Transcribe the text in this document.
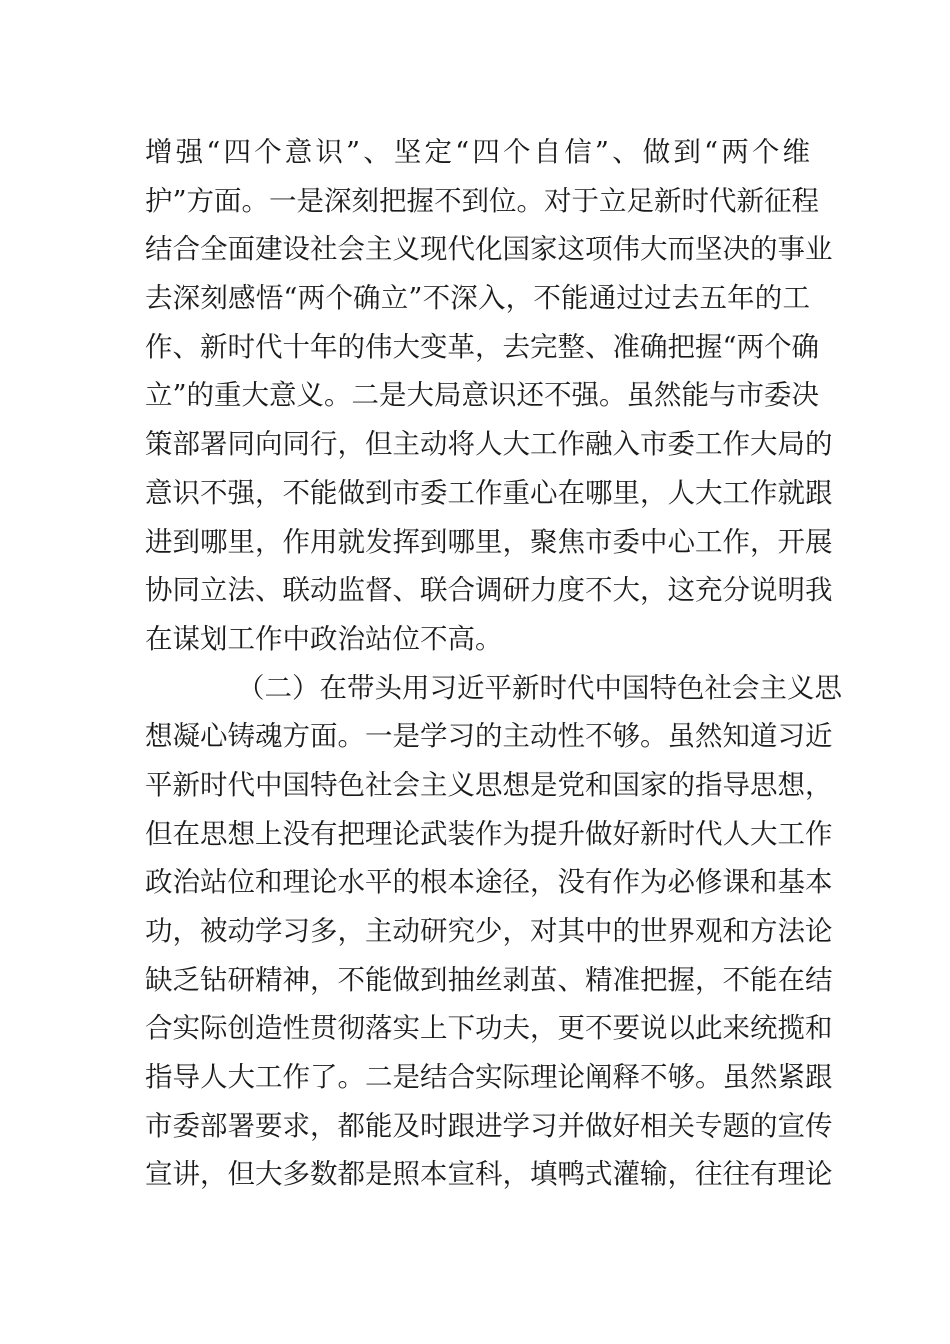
增强“四个意识”、坚定“四个自信”、做到“两个维
护”方面。一是深刻把握不到位。对于立足新时代新征程
结合全面建设社会主义现代化国家这项伟大而坚决的事业
去深刻感悟“两个确立”不深入，不能通过过去五年的工
作、新时代十年的伟大变革，去完整、准确把握“两个确
立”的重大意义。二是大局意识还不强。虽然能与市委决
策部署同向同行，但主动将人大工作融入市委工作大局的
意识不强，不能做到市委工作重心在哪里，人大工作就跟
进到哪里，作用就发挥到哪里，聚焦市委中心工作，开展
协同立法、联动监督、联合调研力度不大，这充分说明我
在谋划工作中政治站位不高。
（二）在带头用习近平新时代中国特色社会主义思
想凝心铸魂方面。一是学习的主动性不够。虽然知道习近
平新时代中国特色社会主义思想是党和国家的指导思想，
但在思想上没有把理论武装作为提升做好新时代人大工作
政治站位和理论水平的根本途径，没有作为必修课和基本
功，被动学习多，主动研究少，对其中的世界观和方法论
缺乏钻研精神，不能做到抽丝剥茧、精准把握，不能在结
合实际创造性贯彻落实上下功夫，更不要说以此来统揽和
指导人大工作了。二是结合实际理论阐释不够。虽然紧跟
市委部署要求，都能及时跟进学习并做好相关专题的宣传
宣讲，但大多数都是照本宣科，填鸭式灌输，往往有理论
